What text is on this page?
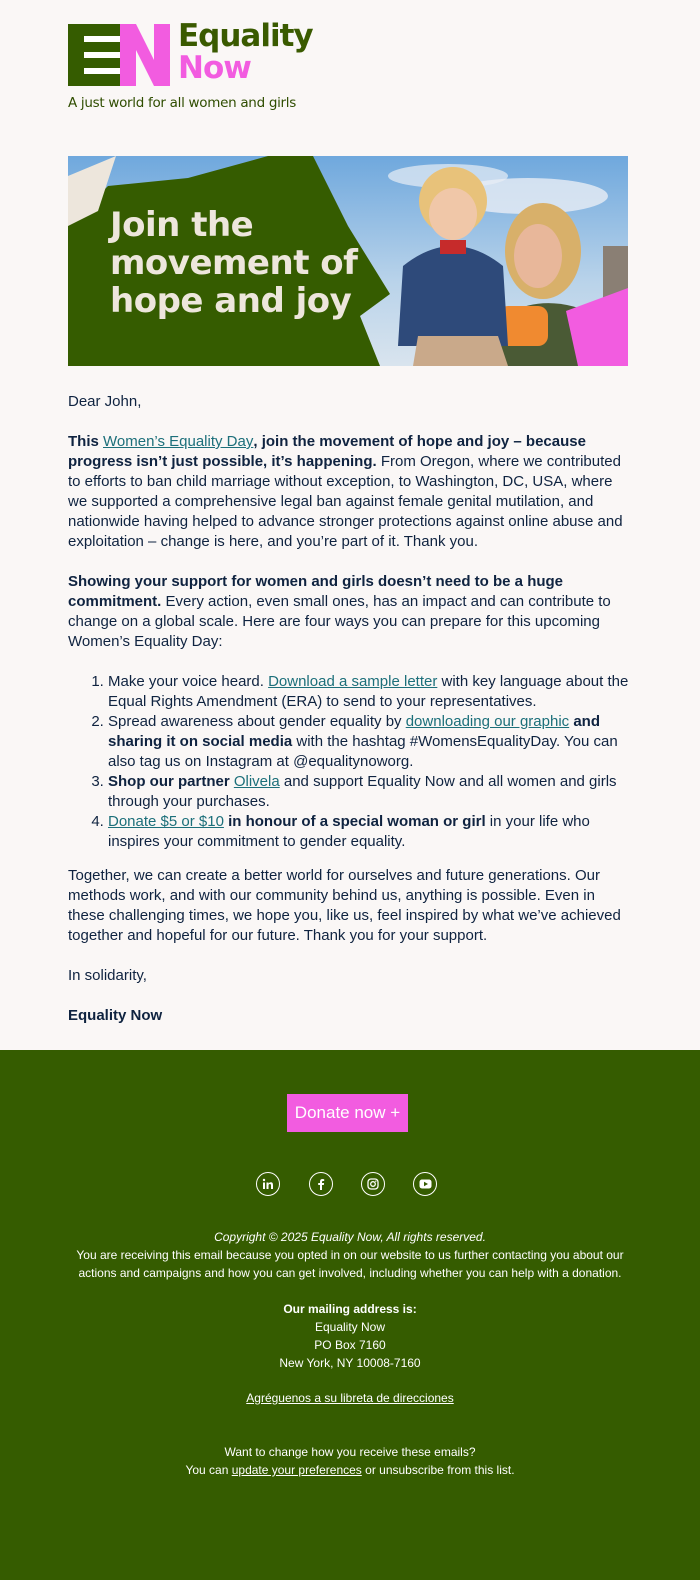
Equality
Now
A just world for all women and girls
Join the movement of hope and joy

Dear John,

This Women’s Equality Day, join the movement of hope and joy – because progress isn’t just possible, it’s happening. From Oregon, where we contributed to efforts to ban child marriage without exception, to Washington, DC, USA, where we supported a comprehensive legal ban against female genital mutilation, and nationwide having helped to advance stronger protections against online abuse and exploitation – change is here, and you’re part of it. Thank you.

Showing your support for women and girls doesn’t need to be a huge commitment. Every action, even small ones, has an impact and can contribute to change on a global scale. Here are four ways you can prepare for this upcoming Women’s Equality Day:

1. Make your voice heard. Download a sample letter with key language about the Equal Rights Amendment (ERA) to send to your representatives.
2. Spread awareness about gender equality by downloading our graphic and sharing it on social media with the hashtag #WomensEqualityDay. You can also tag us on Instagram at @equalitynoworg.
3. Shop our partner Olivela and support Equality Now and all women and girls through your purchases.
4. Donate $5 or $10 in honour of a special woman or girl in your life who inspires your commitment to gender equality.

Together, we can create a better world for ourselves and future generations. Our methods work, and with our community behind us, anything is possible. Even in these challenging times, we hope you, like us, feel inspired by what we’ve achieved together and hopeful for our future. Thank you for your support.

In solidarity,

Equality Now

Donate now +
Copyright © 2025 Equality Now, All rights reserved.
You are receiving this email because you opted in on our website to us further contacting you about our actions and campaigns and how you can get involved, including whether you can help with a donation.
Our mailing address is:
Equality Now
PO Box 7160
New York, NY 10008-7160
Agréguenos a su libreta de direcciones
Want to change how you receive these emails?
You can update your preferences or unsubscribe from this list.
